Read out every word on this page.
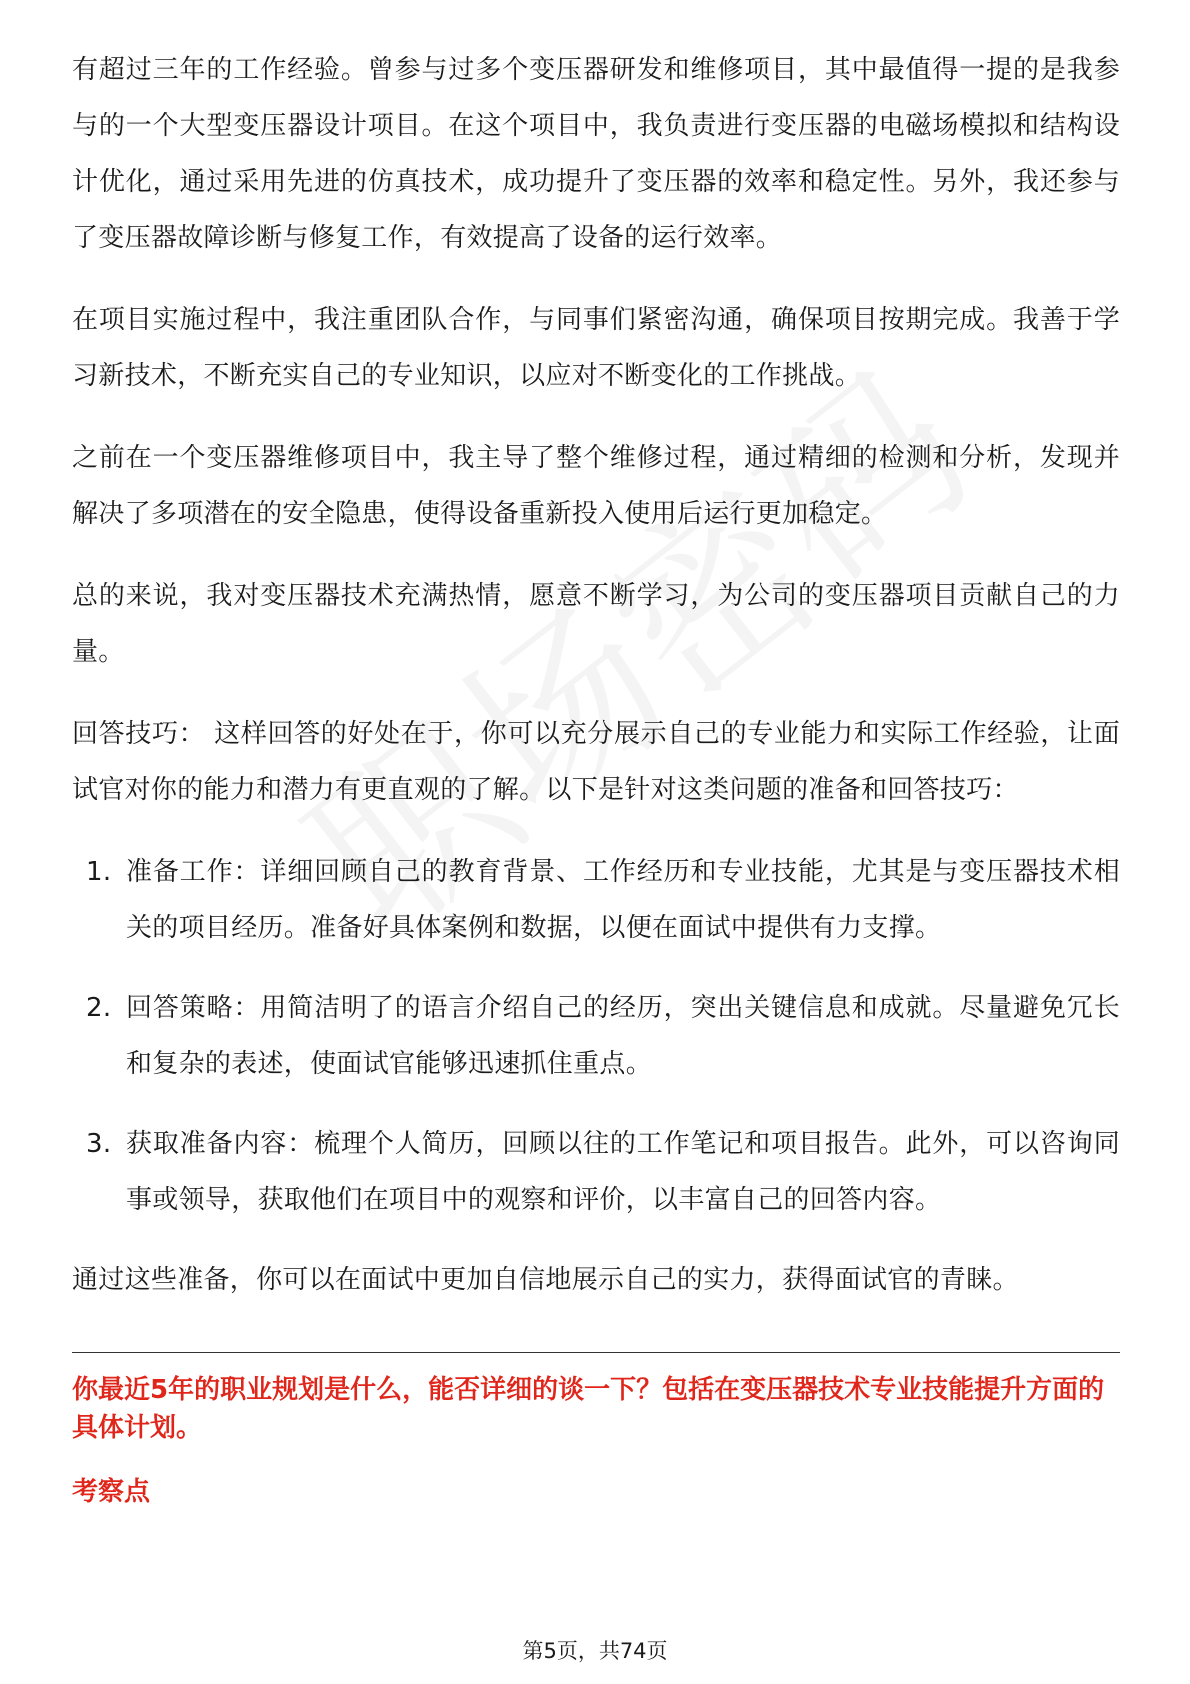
有超过三年的工作经验。曾参与过多个变压器研发和维修项目，其中最值得一提的是我参与的一个大型变压器设计项目。在这个项目中，我负责进行变压器的电磁场模拟和结构设计优化，通过采用先进的仿真技术，成功提升了变压器的效率和稳定性。另外，我还参与了变压器故障诊断与修复工作，有效提高了设备的运行效率。

在项目实施过程中，我注重团队合作，与同事们紧密沟通，确保项目按期完成。我善于学习新技术，不断充实自己的专业知识，以应对不断变化的工作挑战。

之前在一个变压器维修项目中，我主导了整个维修过程，通过精细的检测和分析，发现并解决了多项潜在的安全隐患，使得设备重新投入使用后运行更加稳定。

总的来说，我对变压器技术充满热情，愿意不断学习，为公司的变压器项目贡献自己的力量。

回答技巧： 这样回答的好处在于，你可以充分展示自己的专业能力和实际工作经验，让面试官对你的能力和潜力有更直观的了解。以下是针对这类问题的准备和回答技巧：

1. 准备工作：详细回顾自己的教育背景、工作经历和专业技能，尤其是与变压器技术相关的项目经历。准备好具体案例和数据，以便在面试中提供有力支撑。
2. 回答策略：用简洁明了的语言介绍自己的经历，突出关键信息和成就。尽量避免冗长和复杂的表述，使面试官能够迅速抓住重点。
3. 获取准备内容：梳理个人简历，回顾以往的工作笔记和项目报告。此外，可以咨询同事或领导，获取他们在项目中的观察和评价，以丰富自己的回答内容。

通过这些准备，你可以在面试中更加自信地展示自己的实力，获得面试官的青睐。

你最近5年的职业规划是什么，能否详细的谈一下？包括在变压器技术专业技能提升方面的具体计划。
考察点
第5页，共74页
